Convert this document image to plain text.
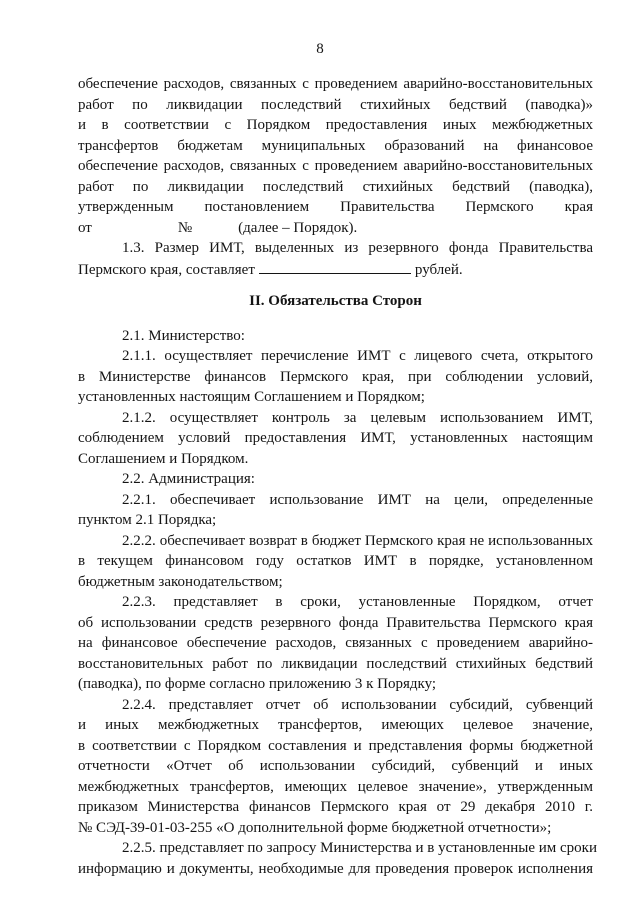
8
обеспечение расходов, связанных с проведением аварийно-восстановительных
работ по ликвидации последствий стихийных бедствий (паводка)»
и в соответствии с Порядком предоставления иных межбюджетных
трансфертов бюджетам муниципальных образований на финансовое
обеспечение расходов, связанных с проведением аварийно-восстановительных
работ по ликвидации последствий стихийных бедствий (паводка),
утвержденным постановлением Правительства Пермского края
от	№	(далее – Порядок).
1.3. Размер ИМТ, выделенных из резервного фонда Правительства
Пермского края, составляет	рублей.
II. Обязательства Сторон
2.1. Министерство:
2.1.1. осуществляет перечисление ИМТ с лицевого счета, открытого
в Министерстве финансов Пермского края, при соблюдении условий,
установленных настоящим Соглашением и Порядком;
2.1.2. осуществляет контроль за целевым использованием ИМТ,
соблюдением условий предоставления ИМТ, установленных настоящим
Соглашением и Порядком.
2.2. Администрация:
2.2.1. обеспечивает использование ИМТ на цели, определенные
пунктом 2.1 Порядка;
2.2.2. обеспечивает возврат в бюджет Пермского края не использованных
в текущем финансовом году остатков ИМТ в порядке, установленном
бюджетным законодательством;
2.2.3. представляет в сроки, установленные Порядком, отчет
об использовании средств резервного фонда Правительства Пермского края
на финансовое обеспечение расходов, связанных с проведением аварийно-
восстановительных работ по ликвидации последствий стихийных бедствий
(паводка), по форме согласно приложению 3 к Порядку;
2.2.4. представляет отчет об использовании субсидий, субвенций
и иных межбюджетных трансфертов, имеющих целевое значение,
в соответствии с Порядком составления и представления формы бюджетной
отчетности «Отчет об использовании субсидий, субвенций и иных
межбюджетных трансфертов, имеющих целевое значение», утвержденным
приказом Министерства финансов Пермского края от 29 декабря 2010 г.
№ СЭД-39-01-03-255 «О дополнительной форме бюджетной отчетности»;
2.2.5. представляет по запросу Министерства и в установленные им сроки
информацию и документы, необходимые для проведения проверок исполнения
